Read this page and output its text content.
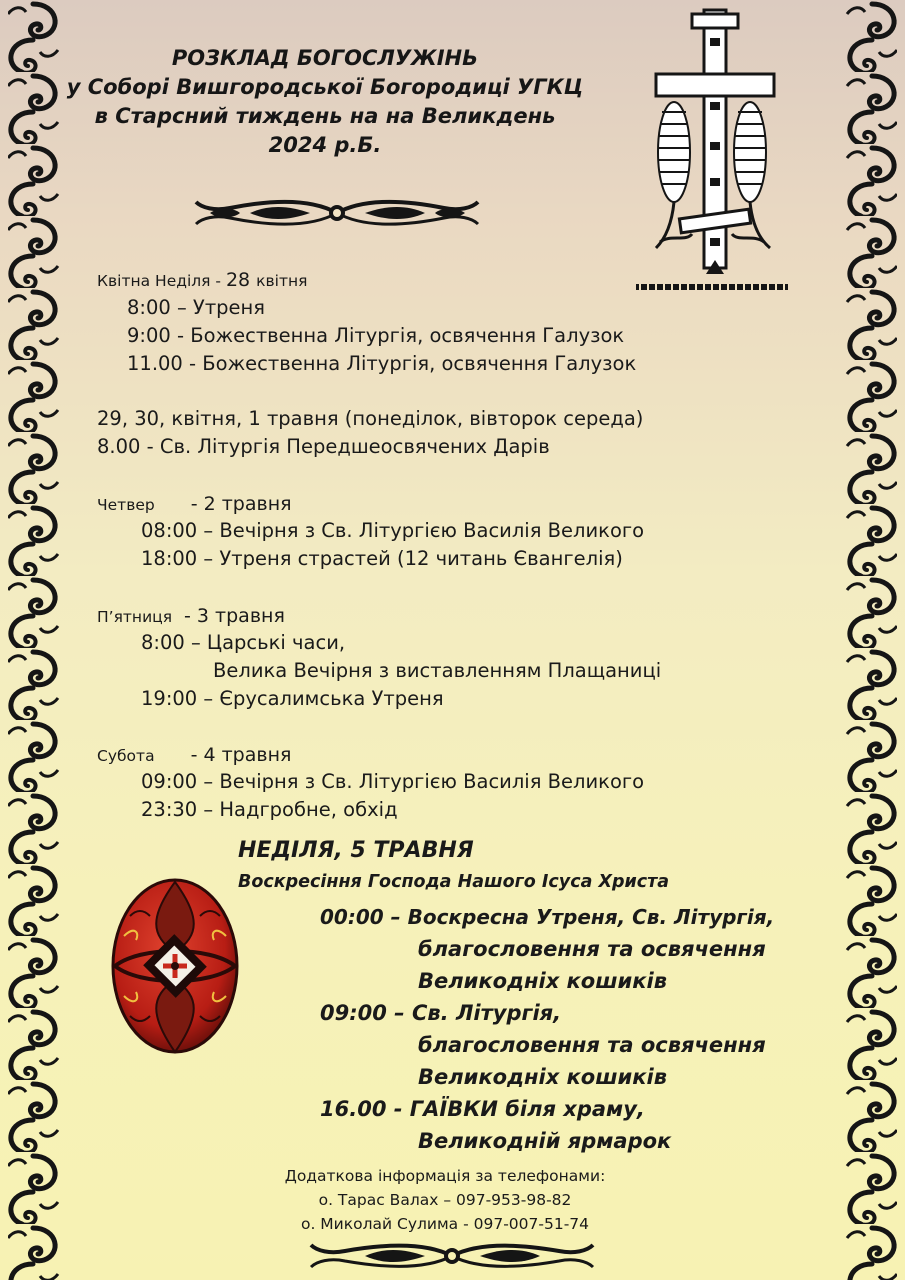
РОЗКЛАД БОГОСЛУЖІНЬ
у Соборі Вишгородської Богородиці УГКЦ
в Старсний тиждень на на Великдень
2024 р.Б.
Квітна Неділя - 28 квітня
8:00 – Утреня
9:00 - Божественна Літургія, освячення Галузок
11.00 - Божественна Літургія, освячення Галузок
29, 30, квітня, 1 травня (понеділок, вівторок середа)
8.00 - Св. Літургія Передшеосвячених Дарів
Четвер - 2 травня
08:00 – Вечірня з Св. Літургією Василія Великого
18:00 – Утреня страстей (12 читань Євангелія)
П’ятниця - 3 травня
8:00 – Царські часи,
Велика Вечірня з виставленням Плащаниці
19:00 – Єрусалимська Утреня
Субота - 4 травня
09:00 – Вечірня з Св. Літургією Василія Великого
23:30 – Надгробне, обхід
НЕДІЛЯ, 5 ТРАВНЯ
Воскресіння Господа Нашого Ісуса Христа
00:00 – Воскресна Утреня, Св. Літургія,
благословення та освячення
Великодніх кошиків
09:00 – Св. Літургія,
благословення та освячення
Великодніх кошиків
16.00 - ГАЇВКИ біля храму,
Великодній ярмарок
Додаткова інформація за телефонами:
о. Тарас Валах – 097-953-98-82
о. Миколай Сулима - 097-007-51-74
